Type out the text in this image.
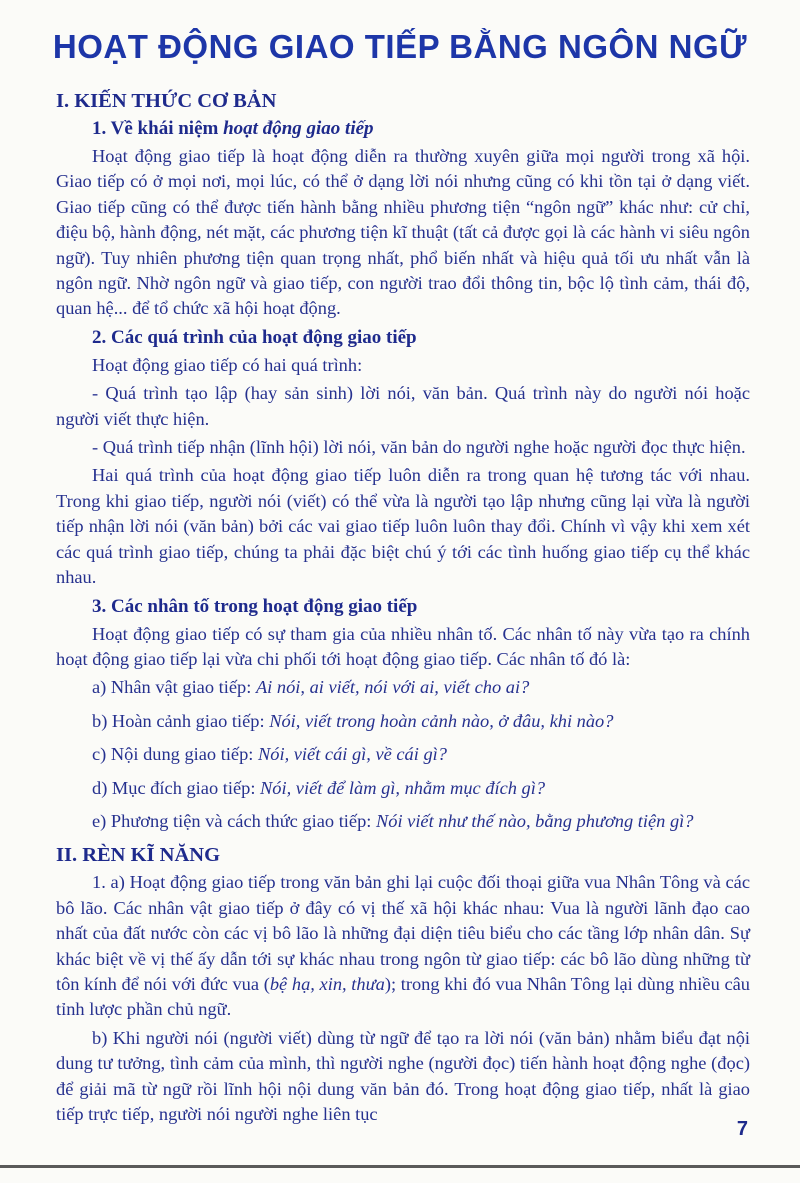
HOẠT ĐỘNG GIAO TIẾP BẰNG NGÔN NGỮ
I. KIẾN THỨC CƠ BẢN
1. Về khái niệm hoạt động giao tiếp

Hoạt động giao tiếp là hoạt động diễn ra thường xuyên giữa mọi người trong xã hội. Giao tiếp có ở mọi nơi, mọi lúc, có thể ở dạng lời nói nhưng cũng có khi tồn tại ở dạng viết. Giao tiếp cũng có thể được tiến hành bằng nhiều phương tiện “ngôn ngữ” khác như: cử chỉ, điệu bộ, hành động, nét mặt, các phương tiện kĩ thuật (tất cả được gọi là các hành vi siêu ngôn ngữ). Tuy nhiên phương tiện quan trọng nhất, phổ biến nhất và hiệu quả tối ưu nhất vẫn là ngôn ngữ. Nhờ ngôn ngữ và giao tiếp, con người trao đổi thông tin, bộc lộ tình cảm, thái độ, quan hệ... để tổ chức xã hội hoạt động.

2. Các quá trình của hoạt động giao tiếp

Hoạt động giao tiếp có hai quá trình:

- Quá trình tạo lập (hay sản sinh) lời nói, văn bản. Quá trình này do người nói hoặc người viết thực hiện.

- Quá trình tiếp nhận (lĩnh hội) lời nói, văn bản do người nghe hoặc người đọc thực hiện.

Hai quá trình của hoạt động giao tiếp luôn diễn ra trong quan hệ tương tác với nhau. Trong khi giao tiếp, người nói (viết) có thể vừa là người tạo lập nhưng cũng lại vừa là người tiếp nhận lời nói (văn bản) bởi các vai giao tiếp luôn luôn thay đổi. Chính vì vậy khi xem xét các quá trình giao tiếp, chúng ta phải đặc biệt chú ý tới các tình huống giao tiếp cụ thể khác nhau.

3. Các nhân tố trong hoạt động giao tiếp

Hoạt động giao tiếp có sự tham gia của nhiều nhân tố. Các nhân tố này vừa tạo ra chính hoạt động giao tiếp lại vừa chi phối tới hoạt động giao tiếp. Các nhân tố đó là:

a) Nhân vật giao tiếp: Ai nói, ai viết, nói với ai, viết cho ai?

b) Hoàn cảnh giao tiếp: Nói, viết trong hoàn cảnh nào, ở đâu, khi nào?

c) Nội dung giao tiếp: Nói, viết cái gì, về cái gì?

d) Mục đích giao tiếp: Nói, viết để làm gì, nhằm mục đích gì?

e) Phương tiện và cách thức giao tiếp: Nói viết như thế nào, bằng phương tiện gì?

II. RÈN KĨ NĂNG

1. a) Hoạt động giao tiếp trong văn bản ghi lại cuộc đối thoại giữa vua Nhân Tông và các bô lão. Các nhân vật giao tiếp ở đây có vị thế xã hội khác nhau: Vua là người lãnh đạo cao nhất của đất nước còn các vị bô lão là những đại diện tiêu biểu cho các tầng lớp nhân dân. Sự khác biệt về vị thế ấy dẫn tới sự khác nhau trong ngôn từ giao tiếp: các bô lão dùng những từ tôn kính để nói với đức vua (bệ hạ, xin, thưa); trong khi đó vua Nhân Tông lại dùng nhiều câu tỉnh lược phần chủ ngữ.

b) Khi người nói (người viết) dùng từ ngữ để tạo ra lời nói (văn bản) nhằm biểu đạt nội dung tư tưởng, tình cảm của mình, thì người nghe (người đọc) tiến hành hoạt động nghe (đọc) để giải mã từ ngữ rồi lĩnh hội nội dung văn bản đó. Trong hoạt động giao tiếp, nhất là giao tiếp trực tiếp, người nói người nghe liên tục

7
